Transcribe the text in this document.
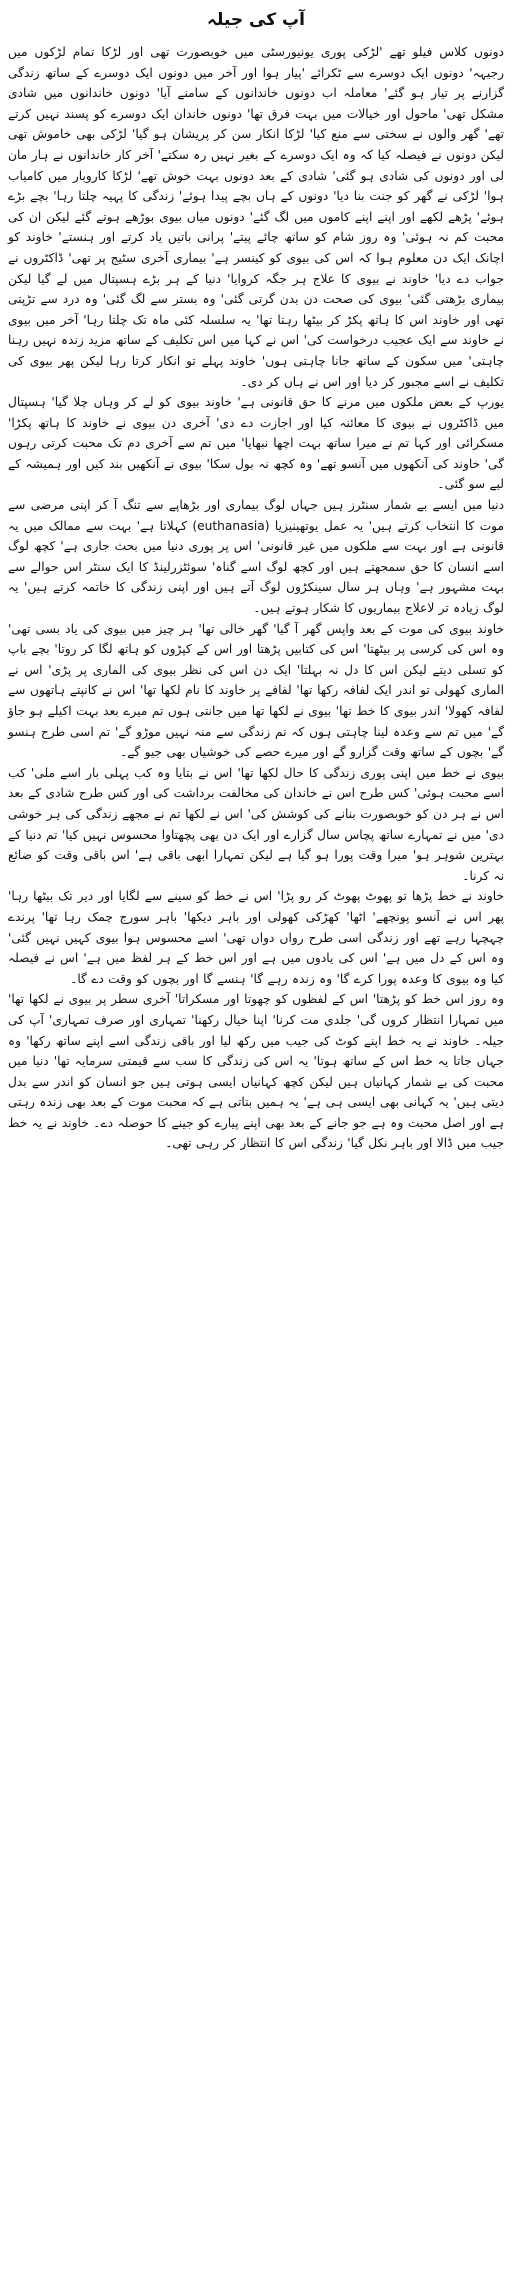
آپ کی جیلہ

دونوں کلاس فیلو تھے 'لڑکی پوری یونیورسٹی میں خوبصورت تھی اور لڑکا تمام لڑکوں میں رجیہہ' دونوں ایک دوسرے سے ٹکرائے 'پیار ہوا اور آخر میں دونوں ایک دوسرے کے ساتھ زندگی گزارنے پر تیار ہو گئے' معاملہ اب دونوں خاندانوں کے سامنے آیا' دونوں خاندانوں میں شادی مشکل تھی' ماحول اور خیالات میں بہت فرق تھا' دونوں خاندان ایک دوسرے کو پسند نہیں کرتے تھے' گھر والوں نے سختی سے منع کیا' لڑکا انکار سن کر پریشان ہو گیا' لڑکی بھی خاموش تھی لیکن دونوں نے فیصلہ کیا کہ وہ ایک دوسرے کے بغیر نہیں رہ سکتے' آخر کار خاندانوں نے ہار مان لی اور دونوں کی شادی ہو گئی' شادی کے بعد دونوں بہت خوش تھے' لڑکا کاروبار میں کامیاب ہوا' لڑکی نے گھر کو جنت بنا دیا' دونوں کے ہاں بچے پیدا ہوئے' زندگی کا پہیہ چلتا رہا' بچے بڑے ہوئے' پڑھے لکھے اور اپنے اپنے کاموں میں لگ گئے' دونوں میاں بیوی بوڑھے ہوتے گئے لیکن ان کی محبت کم نہ ہوئی' وہ روز شام کو ساتھ چائے پیتے' پرانی باتیں یاد کرتے اور ہنستے' خاوند کو اچانک ایک دن معلوم ہوا کہ اس کی بیوی کو کینسر ہے' بیماری آخری سٹیج پر تھی' ڈاکٹروں نے جواب دے دیا' خاوند نے بیوی کا علاج ہر جگہ کروایا' دنیا کے ہر بڑے ہسپتال میں لے گیا لیکن بیماری بڑھتی گئی' بیوی کی صحت دن بدن گرتی گئی' وہ بستر سے لگ گئی' وہ درد سے تڑپتی تھی اور خاوند اس کا ہاتھ پکڑ کر بیٹھا رہتا تھا' یہ سلسلہ کئی ماہ تک چلتا رہا' آخر میں بیوی نے خاوند سے ایک عجیب درخواست کی' اس نے کہا میں اس تکلیف کے ساتھ مزید زندہ نہیں رہنا چاہتی' میں سکون کے ساتھ جانا چاہتی ہوں' خاوند پہلے تو انکار کرتا رہا لیکن پھر بیوی کی تکلیف نے اسے مجبور کر دیا اور اس نے ہاں کر دی۔

یورپ کے بعض ملکوں میں مرنے کا حق قانونی ہے' خاوند بیوی کو لے کر وہاں چلا گیا' ہسپتال میں ڈاکٹروں نے بیوی کا معائنہ کیا اور اجازت دے دی' آخری دن بیوی نے خاوند کا ہاتھ پکڑا' مسکرائی اور کہا تم نے میرا ساتھ بہت اچھا نبھایا' میں تم سے آخری دم تک محبت کرتی رہوں گی' خاوند کی آنکھوں میں آنسو تھے' وہ کچھ نہ بول سکا' بیوی نے آنکھیں بند کیں اور ہمیشہ کے لیے سو گئی۔

دنیا میں ایسے بے شمار سنٹرز ہیں جہاں لوگ بیماری اور بڑھاپے سے تنگ آ کر اپنی مرضی سے موت کا انتخاب کرتے ہیں' یہ عمل یوتھینیزیا (euthanasia) کہلاتا ہے' بہت سے ممالک میں یہ قانونی ہے اور بہت سے ملکوں میں غیر قانونی' اس پر پوری دنیا میں بحث جاری ہے' کچھ لوگ اسے انسان کا حق سمجھتے ہیں اور کچھ لوگ اسے گناہ' سوئٹزرلینڈ کا ایک سنٹر اس حوالے سے بہت مشہور ہے' وہاں ہر سال سینکڑوں لوگ آتے ہیں اور اپنی زندگی کا خاتمہ کرتے ہیں' یہ لوگ زیادہ تر لاعلاج بیماریوں کا شکار ہوتے ہیں۔

خاوند بیوی کی موت کے بعد واپس گھر آ گیا' گھر خالی تھا' ہر چیز میں بیوی کی یاد بسی تھی' وہ اس کی کرسی پر بیٹھتا' اس کی کتابیں پڑھتا اور اس کے کپڑوں کو ہاتھ لگا کر روتا' بچے باپ کو تسلی دیتے لیکن اس کا دل نہ بہلتا' ایک دن اس کی نظر بیوی کی الماری پر پڑی' اس نے الماری کھولی تو اندر ایک لفافہ رکھا تھا' لفافے پر خاوند کا نام لکھا تھا' اس نے کانپتے ہاتھوں سے لفافہ کھولا' اندر بیوی کا خط تھا' بیوی نے لکھا تھا میں جانتی ہوں تم میرے بعد بہت اکیلے ہو جاؤ گے' میں تم سے وعدہ لینا چاہتی ہوں کہ تم زندگی سے منہ نہیں موڑو گے' تم اسی طرح ہنسو گے' بچوں کے ساتھ وقت گزارو گے اور میرے حصے کی خوشیاں بھی جیو گے۔

بیوی نے خط میں اپنی پوری زندگی کا حال لکھا تھا' اس نے بتایا وہ کب پہلی بار اسے ملی' کب اسے محبت ہوئی' کس طرح اس نے خاندان کی مخالفت برداشت کی اور کس طرح شادی کے بعد اس نے ہر دن کو خوبصورت بنانے کی کوشش کی' اس نے لکھا تم نے مجھے زندگی کی ہر خوشی دی' میں نے تمہارے ساتھ پچاس سال گزارے اور ایک دن بھی پچھتاوا محسوس نہیں کیا' تم دنیا کے بہترین شوہر ہو' میرا وقت پورا ہو گیا ہے لیکن تمہارا ابھی باقی ہے' اس باقی وقت کو ضائع نہ کرنا۔

خاوند نے خط پڑھا تو پھوٹ پھوٹ کر رو پڑا' اس نے خط کو سینے سے لگایا اور دیر تک بیٹھا رہا' پھر اس نے آنسو پونچھے' اٹھا' کھڑکی کھولی اور باہر دیکھا' باہر سورج چمک رہا تھا' پرندے چہچہا رہے تھے اور زندگی اسی طرح رواں دواں تھی' اسے محسوس ہوا بیوی کہیں نہیں گئی' وہ اس کے دل میں ہے' اس کی یادوں میں ہے اور اس خط کے ہر لفظ میں ہے' اس نے فیصلہ کیا وہ بیوی کا وعدہ پورا کرے گا' وہ زندہ رہے گا' ہنسے گا اور بچوں کو وقت دے گا۔

وہ روز اس خط کو پڑھتا' اس کے لفظوں کو چھوتا اور مسکراتا' آخری سطر پر بیوی نے لکھا تھا' میں تمہارا انتظار کروں گی' جلدی مت کرنا' اپنا خیال رکھنا' تمہاری اور صرف تمہاری' آپ کی جیلہ۔ خاوند نے یہ خط اپنے کوٹ کی جیب میں رکھ لیا اور باقی زندگی اسے اپنے ساتھ رکھا' وہ جہاں جاتا یہ خط اس کے ساتھ ہوتا' یہ اس کی زندگی کا سب سے قیمتی سرمایہ تھا' دنیا میں محبت کی بے شمار کہانیاں ہیں لیکن کچھ کہانیاں ایسی ہوتی ہیں جو انسان کو اندر سے بدل دیتی ہیں' یہ کہانی بھی ایسی ہی ہے' یہ ہمیں بتاتی ہے کہ محبت موت کے بعد بھی زندہ رہتی ہے اور اصل محبت وہ ہے جو جانے کے بعد بھی اپنے پیارے کو جینے کا حوصلہ دے۔ خاوند نے یہ خط جیب میں ڈالا اور باہر نکل گیا' زندگی اس کا انتظار کر رہی تھی۔
